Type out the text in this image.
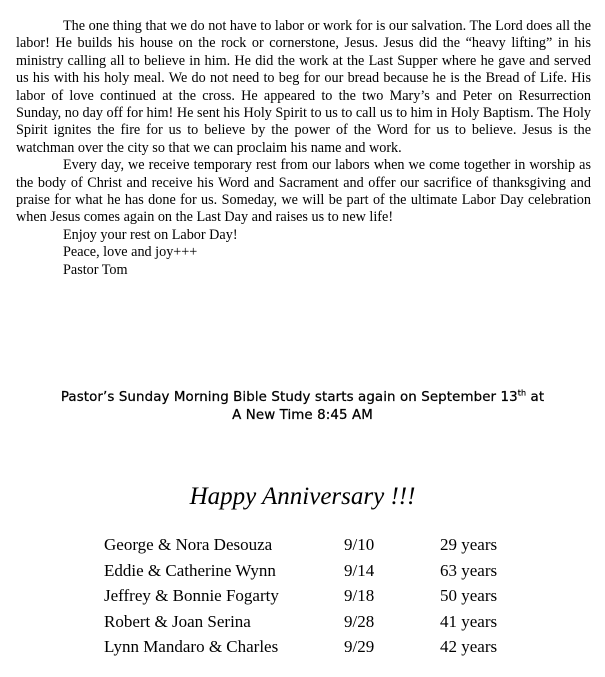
The one thing that we do not have to labor or work for is our salvation. The Lord does all the labor! He builds his house on the rock or cornerstone, Jesus. Jesus did the “heavy lifting” in his ministry calling all to believe in him. He did the work at the Last Supper where he gave and served us his with his holy meal. We do not need to beg for our bread because he is the Bread of Life. His labor of love continued at the cross. He appeared to the two Mary’s and Peter on Resurrection Sunday, no day off for him! He sent his Holy Spirit to us to call us to him in Holy Baptism. The Holy Spirit ignites the fire for us to believe by the power of the Word for us to believe. Jesus is the watchman over the city so that we can proclaim his name and work.

Every day, we receive temporary rest from our labors when we come together in worship as the body of Christ and receive his Word and Sacrament and offer our sacrifice of thanksgiving and praise for what he has done for us. Someday, we will be part of the ultimate Labor Day celebration when Jesus comes again on the Last Day and raises us to new life!

Enjoy your rest on Labor Day!
Peace, love and joy+++
Pastor Tom
Pastor’s Sunday Morning Bible Study starts again on September 13th at
A New Time 8:45 AM
Happy Anniversary !!!
George & Nora Desouza	9/10	29 years
Eddie & Catherine Wynn	9/14	63 years
Jeffrey & Bonnie Fogarty	9/18	50 years
Robert & Joan Serina	9/28	41 years
Lynn Mandaro & Charles	9/29	42 years
